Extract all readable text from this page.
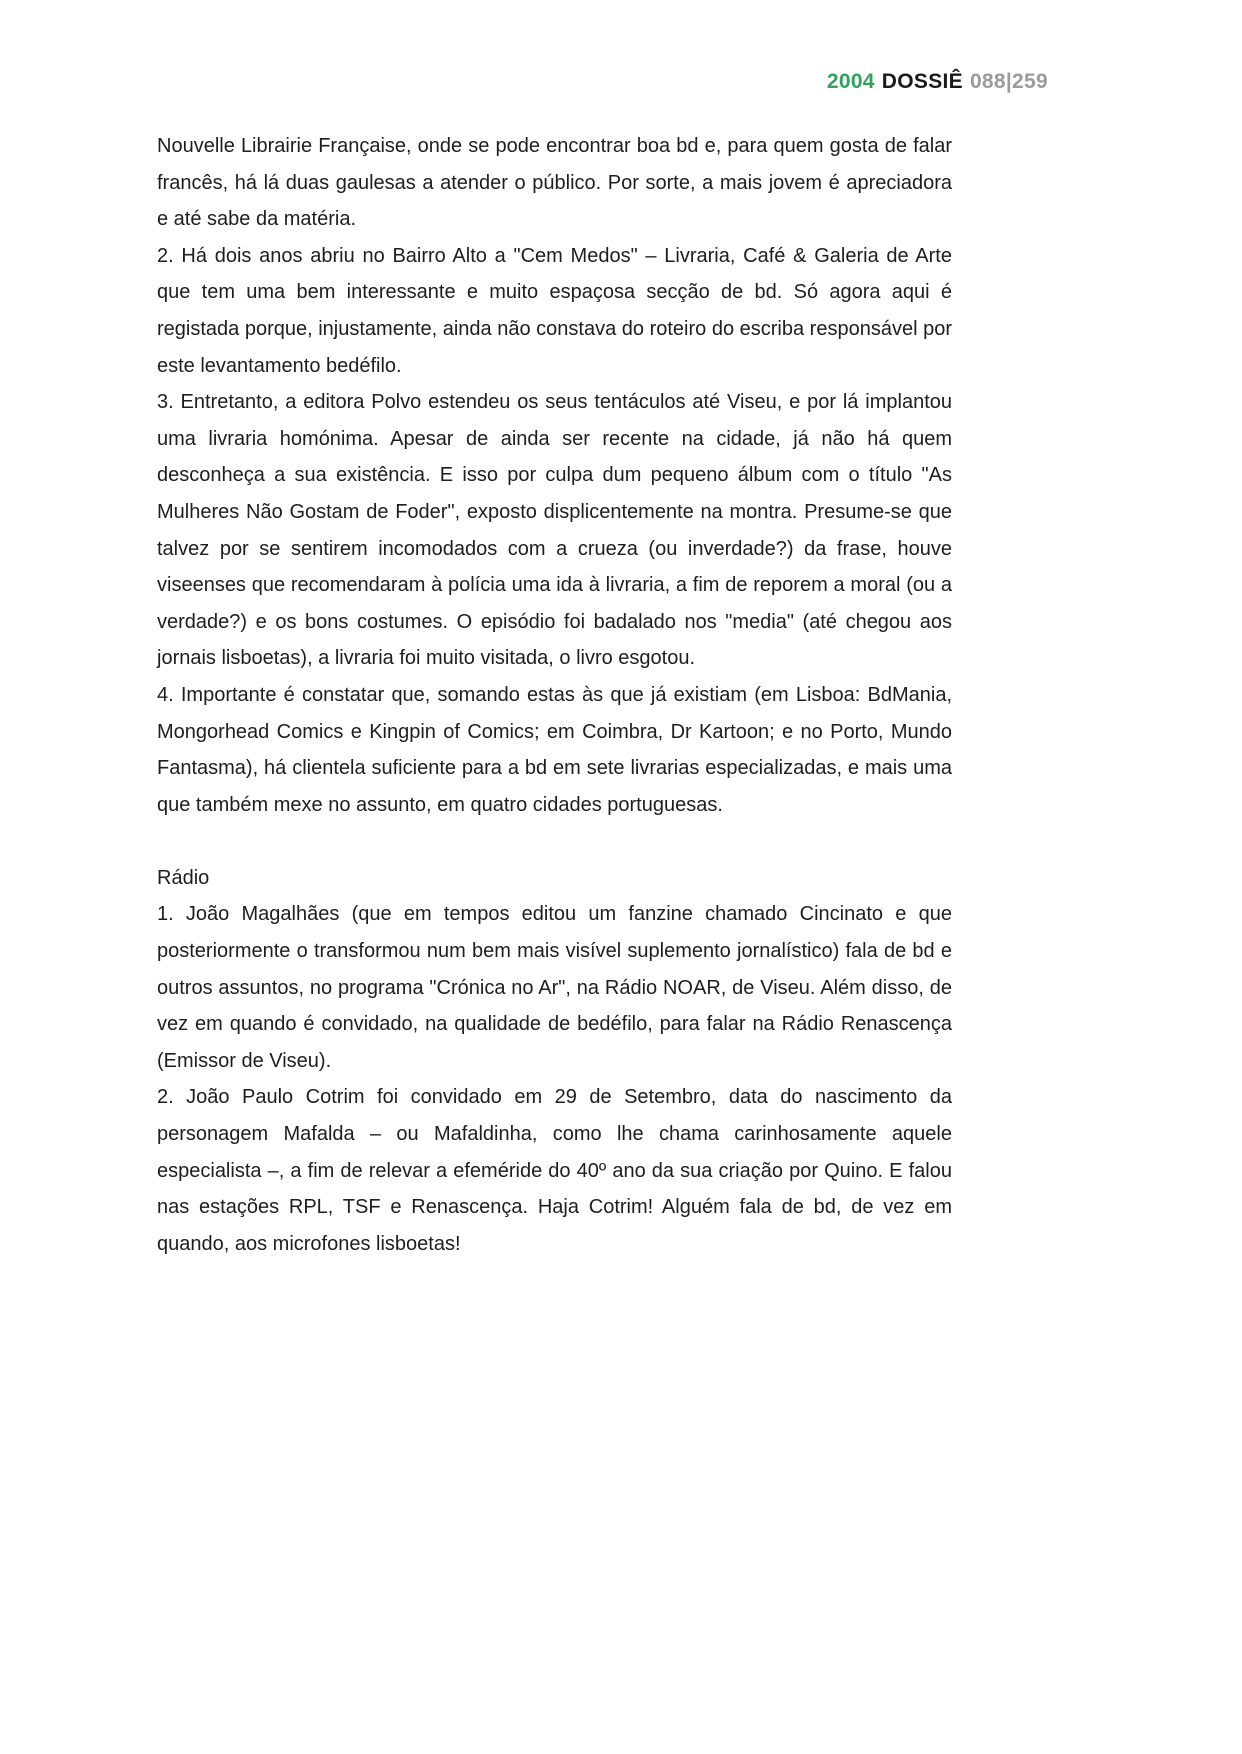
2004 DOSSIÊ 088|259

Nouvelle Librairie Française, onde se pode encontrar boa bd e, para quem gosta de falar francês, há lá duas gaulesas a atender o público. Por sorte, a mais jovem é apreciadora e até sabe da matéria.

2. Há dois anos abriu no Bairro Alto a "Cem Medos" – Livraria, Café & Galeria de Arte que tem uma bem interessante e muito espaçosa secção de bd. Só agora aqui é registada porque, injustamente, ainda não constava do roteiro do escriba responsável por este levantamento bedéfilo.

3. Entretanto, a editora Polvo estendeu os seus tentáculos até Viseu, e por lá implantou uma livraria homónima. Apesar de ainda ser recente na cidade, já não há quem desconheça a sua existência. E isso por culpa dum pequeno álbum com o título "As Mulheres Não Gostam de Foder", exposto displicentemente na montra. Presume-se que talvez por se sentirem incomodados com a crueza (ou inverdade?) da frase, houve viseenses que recomendaram à polícia uma ida à livraria, a fim de reporem a moral (ou a verdade?) e os bons costumes. O episódio foi badalado nos "media" (até chegou aos jornais lisboetas), a livraria foi muito visitada, o livro esgotou.

4. Importante é constatar que, somando estas às que já existiam (em Lisboa: BdMania, Mongorhead Comics e Kingpin of Comics; em Coimbra, Dr Kartoon; e no Porto, Mundo Fantasma), há clientela suficiente para a bd em sete livrarias especializadas, e mais uma que também mexe no assunto, em quatro cidades portuguesas.

Rádio

1. João Magalhães (que em tempos editou um fanzine chamado Cincinato e que posteriormente o transformou num bem mais visível suplemento jornalístico) fala de bd e outros assuntos, no programa "Crónica no Ar", na Rádio NOAR, de Viseu. Além disso, de vez em quando é convidado, na qualidade de bedéfilo, para falar na Rádio Renascença (Emissor de Viseu).

2. João Paulo Cotrim foi convidado em 29 de Setembro, data do nascimento da personagem Mafalda – ou Mafaldinha, como lhe chama carinhosamente aquele especialista –, a fim de relevar a efeméride do 40º ano da sua criação por Quino. E falou nas estações RPL, TSF e Renascença. Haja Cotrim! Alguém fala de bd, de vez em quando, aos microfones lisboetas!
